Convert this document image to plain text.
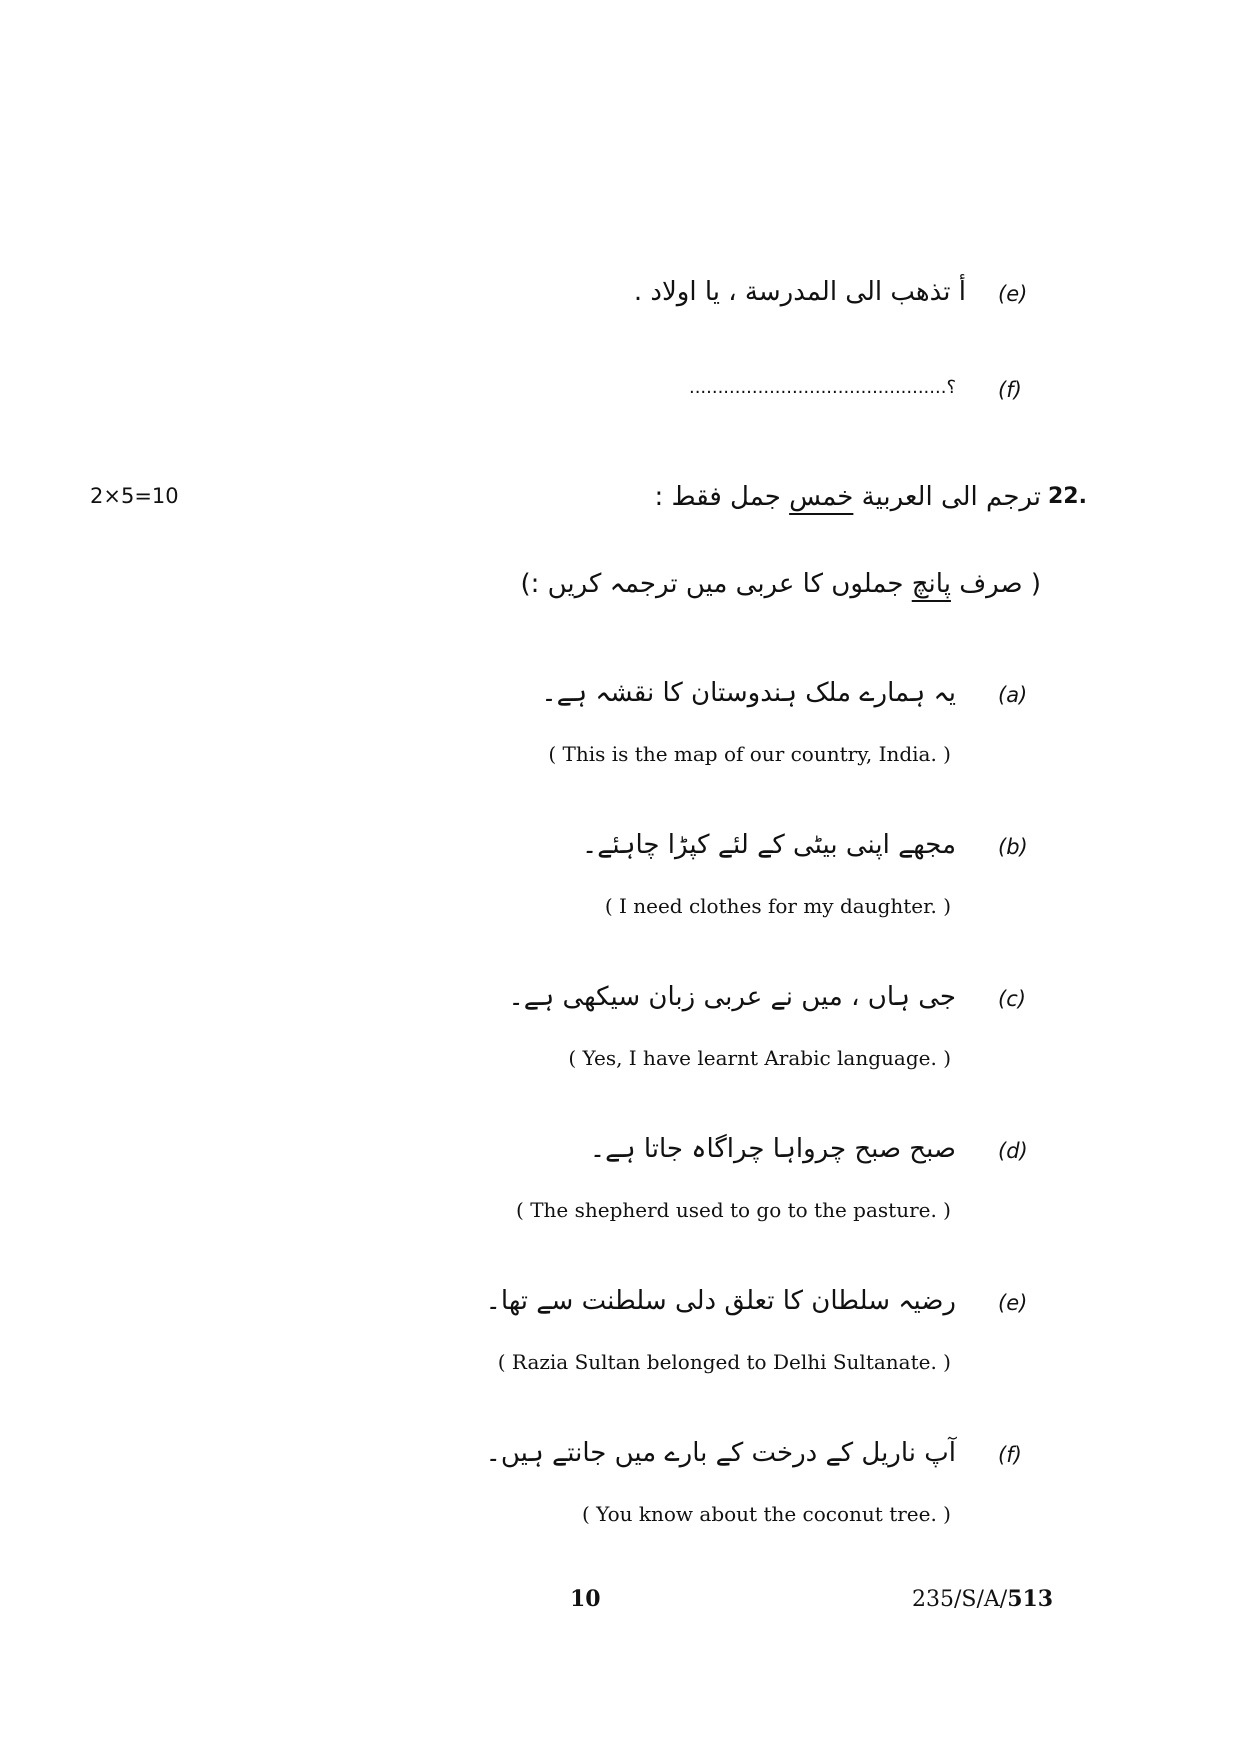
أ تذهب الى المدرسة ، يا اولاد . (e)
؟............................................. (f)
2×5=10	ترجم الى العربية خمس جمل فقط :	22.
( صرف پانچ جملوں کا عربی میں ترجمہ کریں :)
یہ ہمارے ملک ہندوستان کا نقشہ ہے۔ (a)
( This is the map of our country, India. )
مجھے اپنی بیٹی کے لئے کپڑا چاہئے۔ (b)
( I need clothes for my daughter. )
جی ہاں ، میں نے عربی زبان سیکھی ہے۔ (c)
( Yes, I have learnt Arabic language. )
صبح صبح چرواہا چراگاہ جاتا ہے۔ (d)
( The shepherd used to go to the pasture. )
رضیہ سلطان کا تعلق دلی سلطنت سے تھا۔ (e)
( Razia Sultan belonged to Delhi Sultanate. )
آپ ناریل کے درخت کے بارے میں جانتے ہیں۔ (f)
( You know about the coconut tree. )
10	235/S/A/513
